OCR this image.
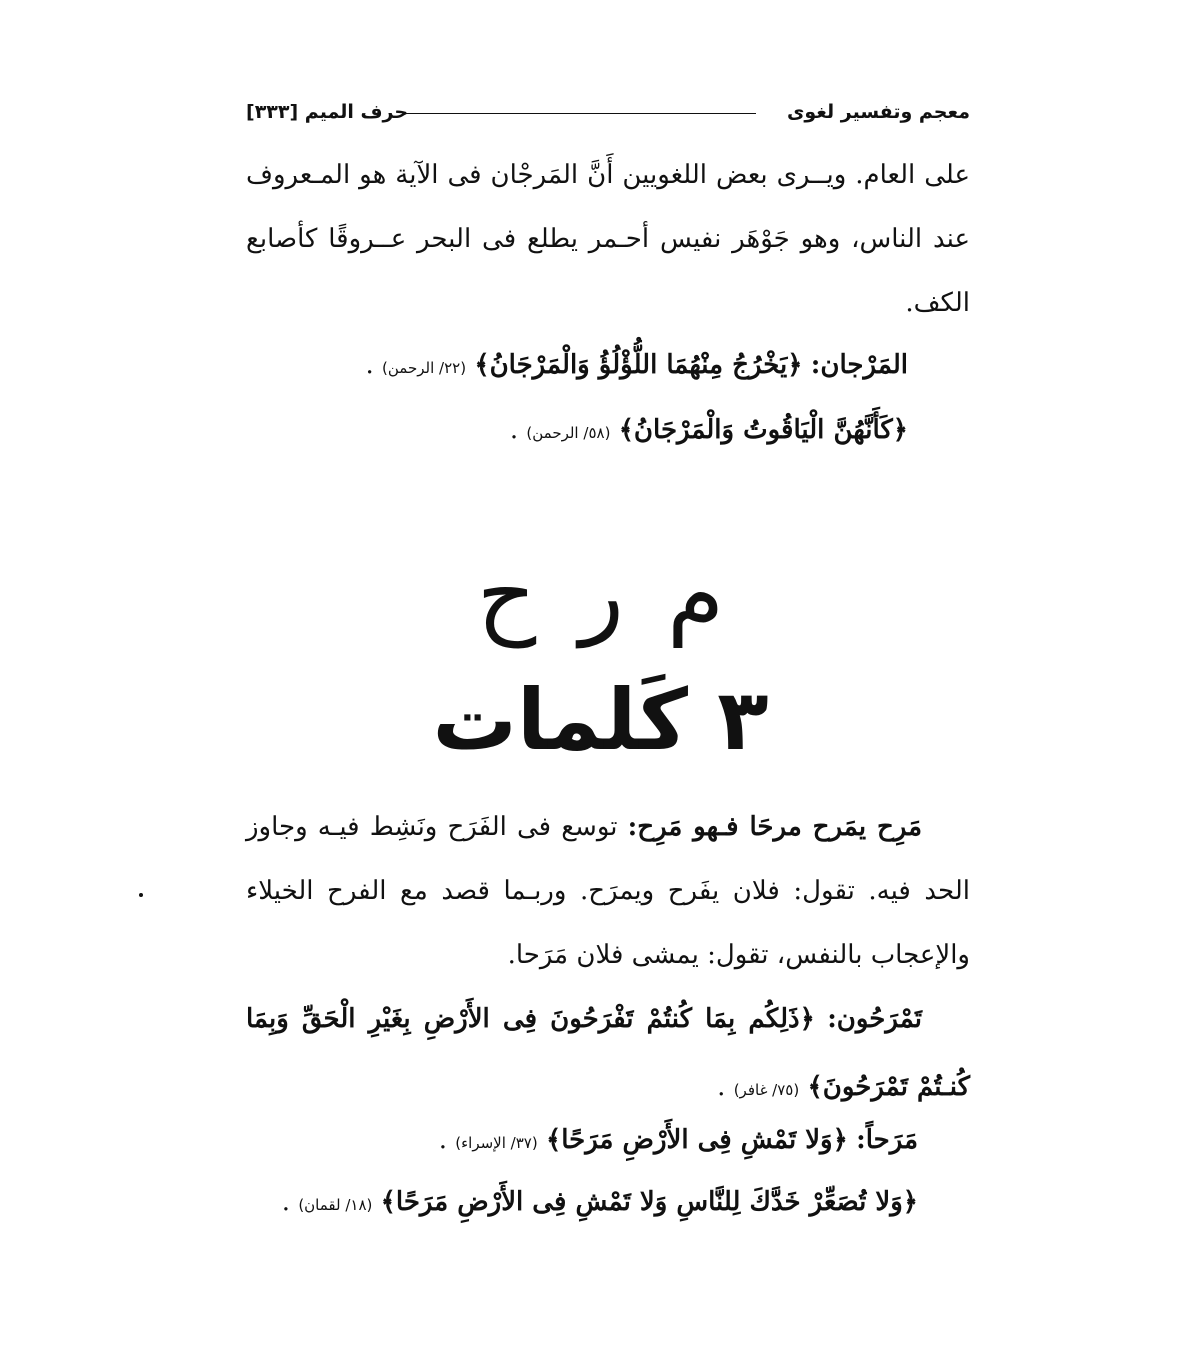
معجم وتفسير لغوى
حرف الميم [٣٣٣]

على العام. ويــرى بعض اللغويين أَنَّ المَرجْان فى الآية هو المـعروف عند الناس، وهو جَوْهَر نفيس أحـمر يطلع فى البحر عــروقًا كأصابع الكف.

المَرْجان: ﴿يَخْرُجُ مِنْهُمَا اللُّؤْلُؤُ وَالْمَرْجَانُ﴾ (٢٢/ الرحمن) .
﴿كَأَنَّهُنَّ الْيَاقُوتُ وَالْمَرْجَانُ﴾ (٥٨/ الرحمن) .
م ر ح
٣ كَلمات

مَرِح يمَرح مرحَا فـهو مَرِح: توسع فى الفَرَح ونَشِط فيـه وجاوز الحد فيه. تقول: فلان يفَرح ويمرَح. وربـما قصد مع الفرح الخيلاء والإعجاب بالنفس، تقول: يمشى فلان مَرَحا.

تَمْرَحُون: ﴿ذَلِكُم بِمَا كُنتُمْ تَفْرَحُونَ فِى الأَرْضِ بِغَيْرِ الْحَقِّ وَبِمَا كُنـتُمْ تَمْرَحُونَ﴾ (٧٥/ غافر) .

مَرَحاً: ﴿وَلا تَمْشِ فِى الأَرْضِ مَرَحًا﴾ (٣٧/ الإسراء) .
﴿وَلا تُصَعِّرْ خَدَّكَ لِلنَّاسِ وَلا تَمْشِ فِى الأَرْضِ مَرَحًا﴾ (١٨/ لقمان) .
